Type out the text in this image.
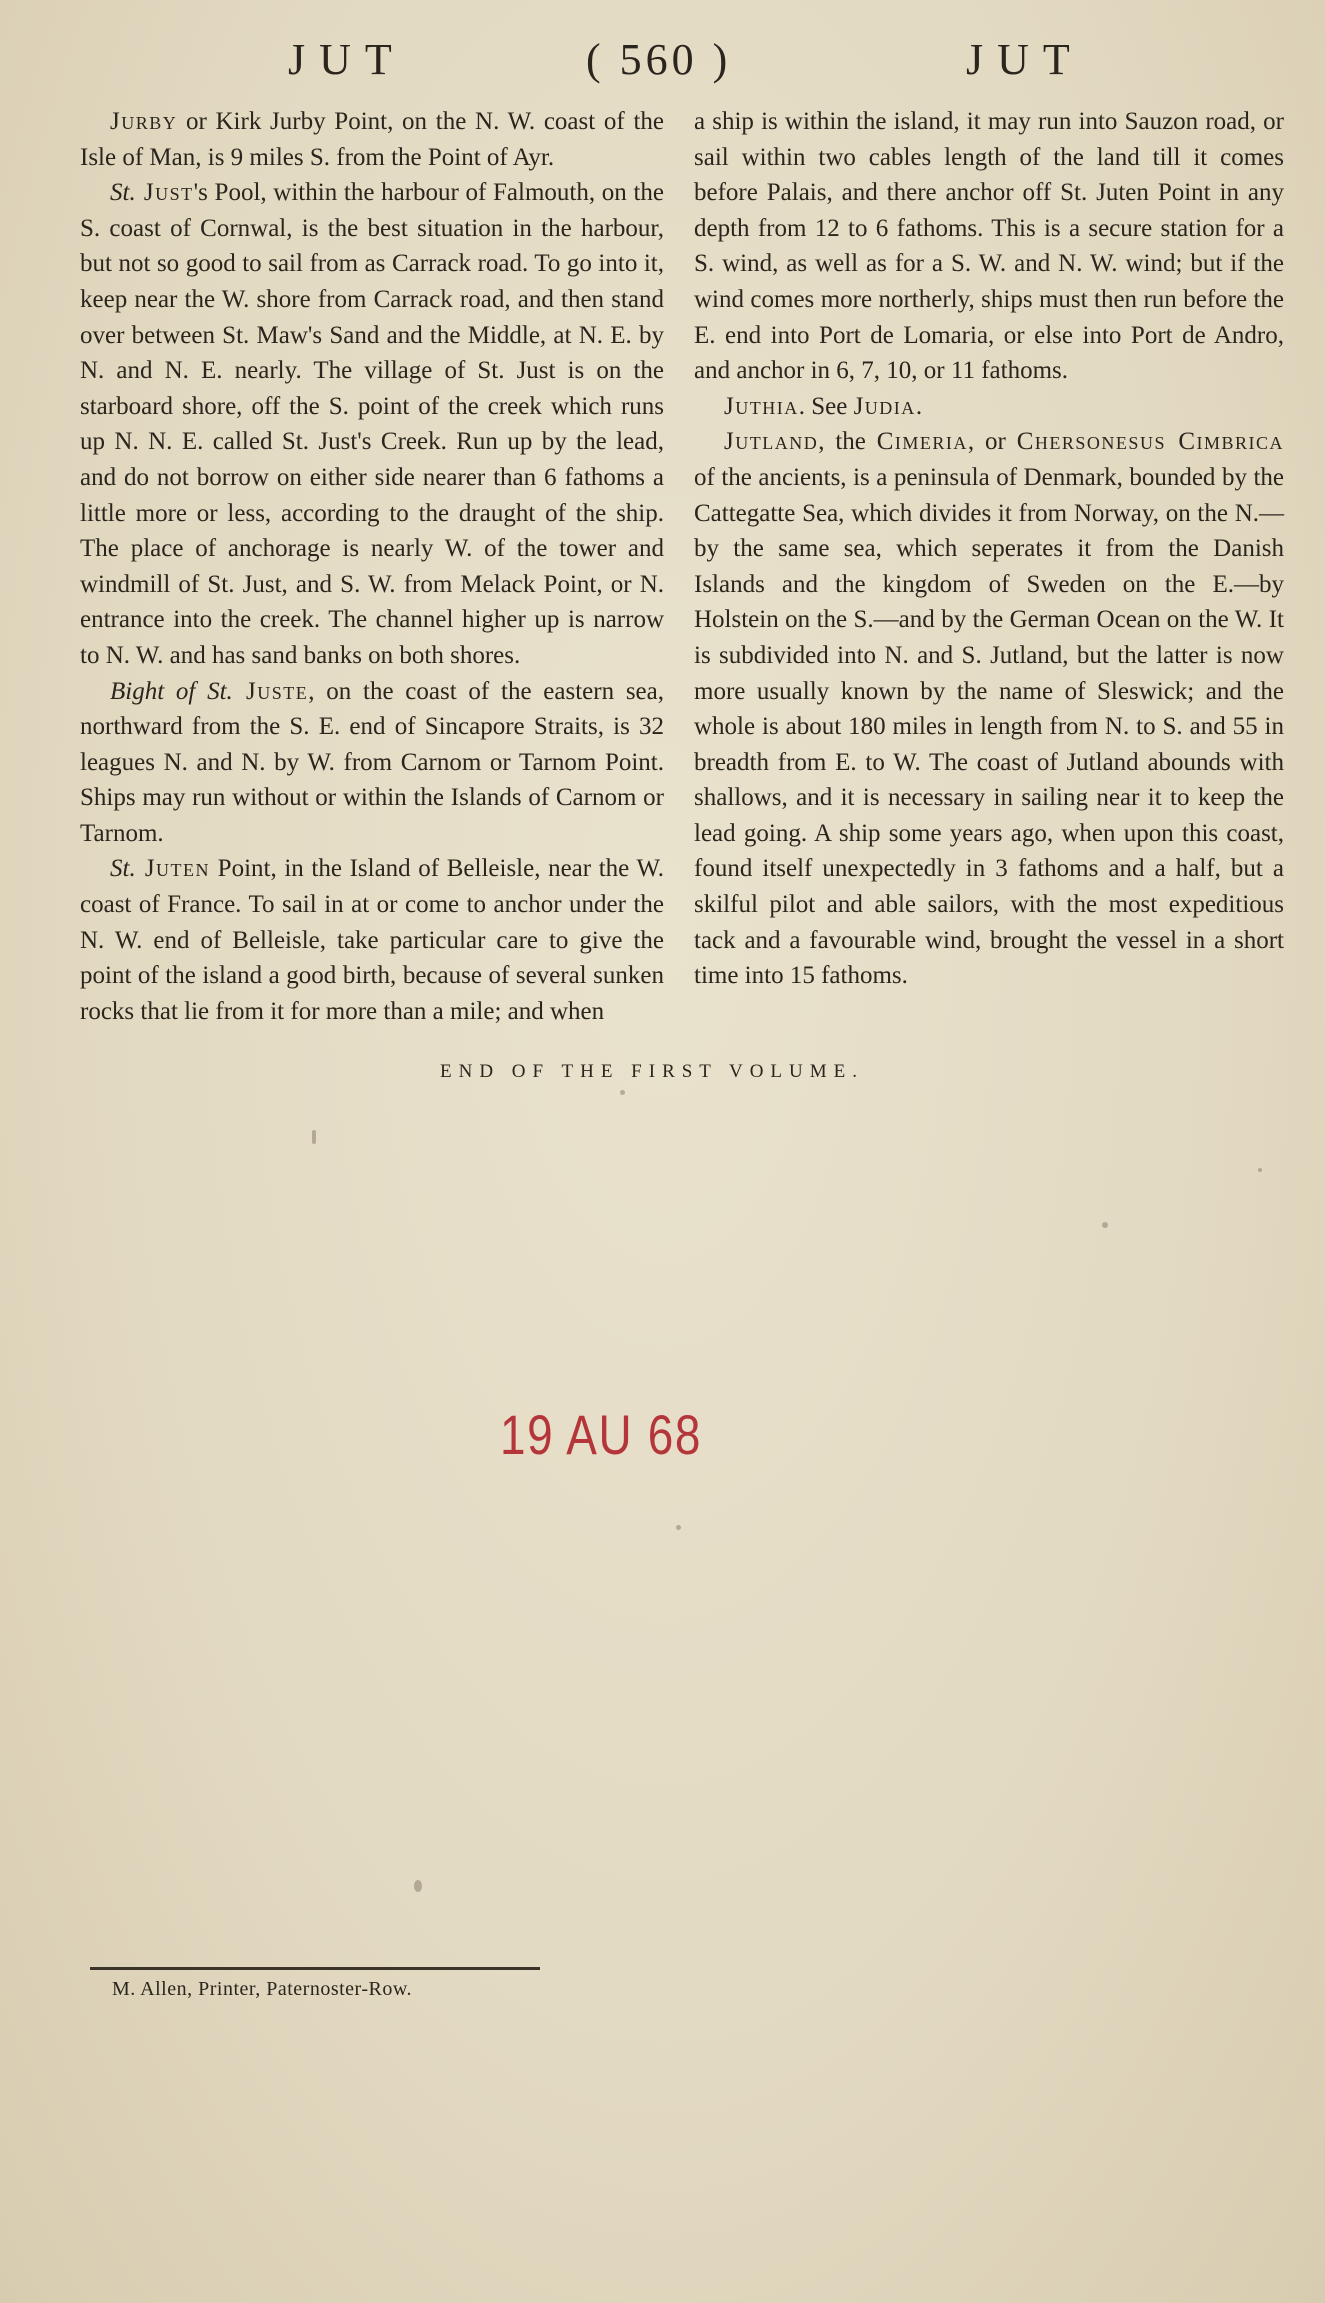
JUT	( 560 )	JUT

Jurby or Kirk Jurby Point, on the N. W. coast of the Isle of Man, is 9 miles S. from the Point of Ayr.

St. Just's Pool, within the harbour of Falmouth, on the S. coast of Cornwal, is the best situation in the harbour, but not so good to sail from as Carrack road. To go into it, keep near the W. shore from Carrack road, and then stand over between St. Maw's Sand and the Middle, at N. E. by N. and N. E. nearly. The village of St. Just is on the starboard shore, off the S. point of the creek which runs up N. N. E. called St. Just's Creek. Run up by the lead, and do not borrow on either side nearer than 6 fathoms a little more or less, according to the draught of the ship. The place of anchorage is nearly W. of the tower and windmill of St. Just, and S. W. from Melack Point, or N. entrance into the creek. The channel higher up is narrow to N. W. and has sand banks on both shores.

Bight of St. Juste, on the coast of the eastern sea, northward from the S. E. end of Sincapore Straits, is 32 leagues N. and N. by W. from Carnom or Tarnom Point. Ships may run without or within the Islands of Carnom or Tarnom.

St. Juten Point, in the Island of Belleisle, near the W. coast of France. To sail in at or come to anchor under the N. W. end of Belleisle, take particular care to give the point of the island a good birth, because of several sunken rocks that lie from it for more than a mile; and when

a ship is within the island, it may run into Sauzon road, or sail within two cables length of the land till it comes before Palais, and there anchor off St. Juten Point in any depth from 12 to 6 fathoms. This is a secure station for a S. wind, as well as for a S. W. and N. W. wind; but if the wind comes more northerly, ships must then run before the E. end into Port de Lomaria, or else into Port de Andro, and anchor in 6, 7, 10, or 11 fathoms.

Juthia. See Judia.

Jutland, the Cimeria, or Chersonesus Cimbrica of the ancients, is a peninsula of Denmark, bounded by the Cattegatte Sea, which divides it from Norway, on the N.—by the same sea, which seperates it from the Danish Islands and the kingdom of Sweden on the E.—by Holstein on the S.—and by the German Ocean on the W. It is subdivided into N. and S. Jutland, but the latter is now more usually known by the name of Sleswick; and the whole is about 180 miles in length from N. to S. and 55 in breadth from E. to W. The coast of Jutland abounds with shallows, and it is necessary in sailing near it to keep the lead going. A ship some years ago, when upon this coast, found itself unexpectedly in 3 fathoms and a half, but a skilful pilot and able sailors, with the most expeditious tack and a favourable wind, brought the vessel in a short time into 15 fathoms.

END OF THE FIRST VOLUME.
19 AU 68
M. Allen, Printer, Paternoster-Row.
